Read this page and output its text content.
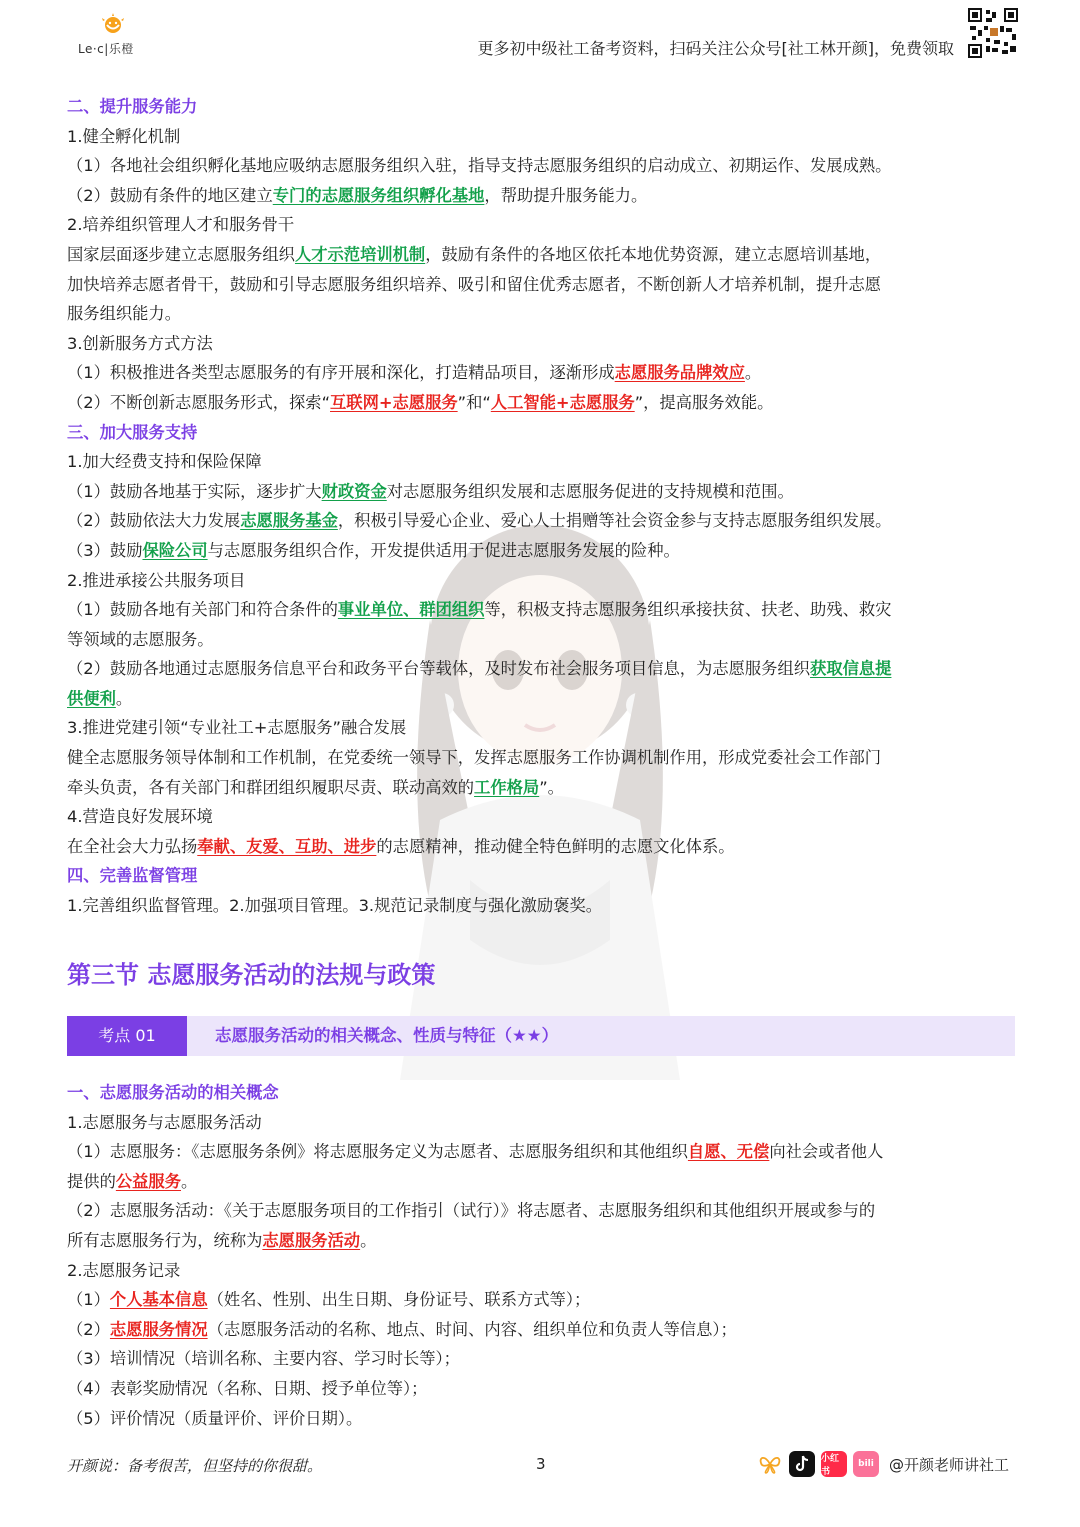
Le·c|乐橙	更多初中级社工备考资料，扫码关注公众号[社工林开颜]，免费领取
二、提升服务能力
1.健全孵化机制
（1）各地社会组织孵化基地应吸纳志愿服务组织入驻，指导支持志愿服务组织的启动成立、初期运作、发展成熟。
（2）鼓励有条件的地区建立专门的志愿服务组织孵化基地，帮助提升服务能力。
2.培养组织管理人才和服务骨干
国家层面逐步建立志愿服务组织人才示范培训机制，鼓励有条件的各地区依托本地优势资源，建立志愿培训基地，
加快培养志愿者骨干，鼓励和引导志愿服务组织培养、吸引和留住优秀志愿者，不断创新人才培养机制，提升志愿
服务组织能力。
3.创新服务方式方法
（1）积极推进各类型志愿服务的有序开展和深化，打造精品项目，逐渐形成志愿服务品牌效应。
（2）不断创新志愿服务形式，探索“互联网+志愿服务”和“人工智能+志愿服务”，提高服务效能。
三、加大服务支持
1.加大经费支持和保险保障
（1）鼓励各地基于实际，逐步扩大财政资金对志愿服务组织发展和志愿服务促进的支持规模和范围。
（2）鼓励依法大力发展志愿服务基金，积极引导爱心企业、爱心人士捐赠等社会资金参与支持志愿服务组织发展。
（3）鼓励保险公司与志愿服务组织合作，开发提供适用于促进志愿服务发展的险种。
2.推进承接公共服务项目
（1）鼓励各地有关部门和符合条件的事业单位、群团组织等，积极支持志愿服务组织承接扶贫、扶老、助残、救灾
等领域的志愿服务。
（2）鼓励各地通过志愿服务信息平台和政务平台等载体，及时发布社会服务项目信息，为志愿服务组织获取信息提
供便利。
3.推进党建引领“专业社工+志愿服务”融合发展
健全志愿服务领导体制和工作机制，在党委统一领导下，发挥志愿服务工作协调机制作用，形成党委社会工作部门
牵头负责，各有关部门和群团组织履职尽责、联动高效的工作格局”。
4.营造良好发展环境
在全社会大力弘扬奉献、友爱、互助、进步的志愿精神，推动健全特色鲜明的志愿文化体系。
四、完善监督管理
1.完善组织监督管理。2.加强项目管理。3.规范记录制度与强化激励褒奖。
第三节 志愿服务活动的法规与政策
考点 01	志愿服务活动的相关概念、性质与特征（★★）
一、志愿服务活动的相关概念
1.志愿服务与志愿服务活动
（1）志愿服务：《志愿服务条例》将志愿服务定义为志愿者、志愿服务组织和其他组织自愿、无偿向社会或者他人
提供的公益服务。
（2）志愿服务活动：《关于志愿服务项目的工作指引（试行）》将志愿者、志愿服务组织和其他组织开展或参与的
所有志愿服务行为，统称为志愿服务活动。
2.志愿服务记录
（1）个人基本信息（姓名、性别、出生日期、身份证号、联系方式等）；
（2）志愿服务情况（志愿服务活动的名称、地点、时间、内容、组织单位和负责人等信息）；
（3）培训情况（培训名称、主要内容、学习时长等）；
（4）表彰奖励情况（名称、日期、授予单位等）；
（5）评价情况（质量评价、评价日期）。
开颜说：备考很苦，但坚持的你很甜。	3	小红书
bili	@开颜老师讲社工
